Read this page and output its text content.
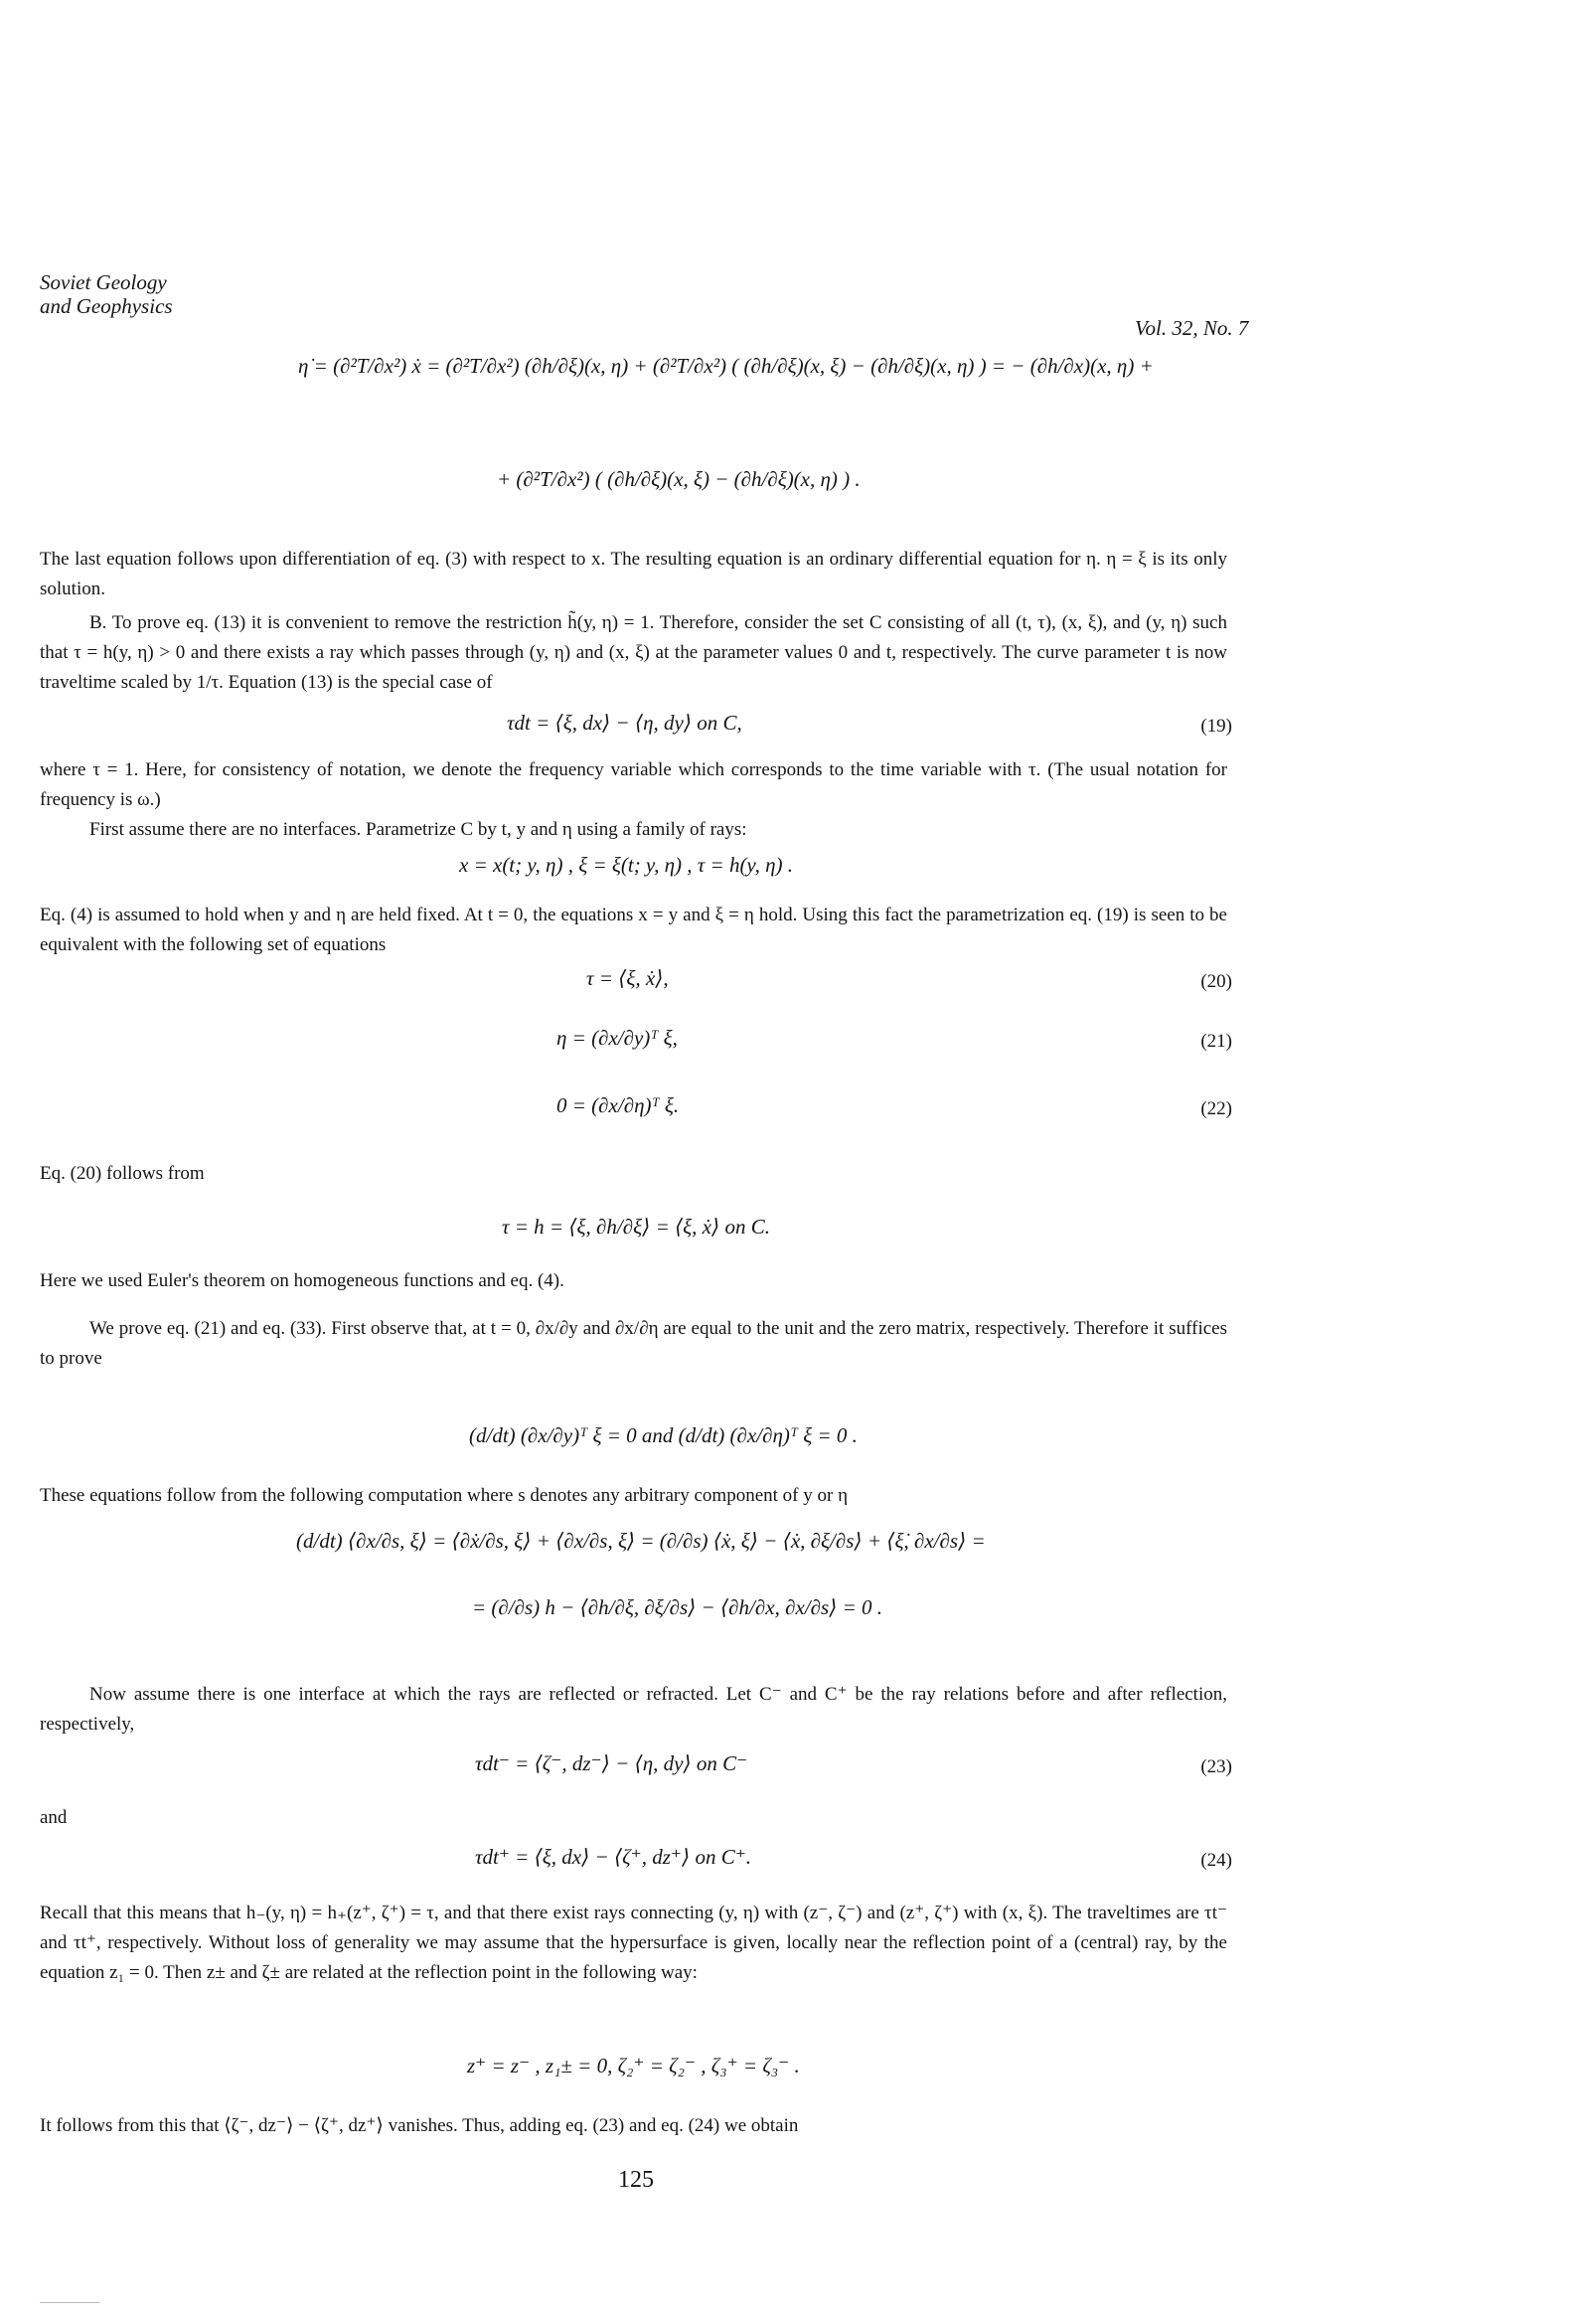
Soviet Geology
and Geophysics
Vol. 32, No. 7
η̇ = (∂²T/∂x²) ẋ = (∂²T/∂x²) (∂h/∂ξ)(x, η) + (∂²T/∂x²) ( (∂h/∂ξ)(x, ξ) − (∂h/∂ξ)(x, η) ) = − (∂h/∂x)(x, η) +
+ (∂²T/∂x²) ( (∂h/∂ξ)(x, ξ) − (∂h/∂ξ)(x, η) ) .
The last equation follows upon differentiation of eq. (3) with respect to x. The resulting equation is an ordinary differential equation for η. η = ξ is its only solution.
B. To prove eq. (13) it is convenient to remove the restriction h̃(y, η) = 1. Therefore, consider the set C consisting of all (t, τ), (x, ξ), and (y, η) such that τ = h(y, η) > 0 and there exists a ray which passes through (y, η) and (x, ξ) at the parameter values 0 and t, respectively. The curve parameter t is now traveltime scaled by 1/τ. Equation (13) is the special case of
τdt = ⟨ξ, dx⟩ − ⟨η, dy⟩ on C,	(19)
where τ = 1. Here, for consistency of notation, we denote the frequency variable which corresponds to the time variable with τ. (The usual notation for frequency is ω.)
First assume there are no interfaces. Parametrize C by t, y and η using a family of rays:
x = x(t; y, η) , ξ = ξ(t; y, η) , τ = h(y, η) .
Eq. (4) is assumed to hold when y and η are held fixed. At t = 0, the equations x = y and ξ = η hold. Using this fact the parametrization eq. (19) is seen to be equivalent with the following set of equations
τ = ⟨ξ, ẋ⟩,	(20)
η = (∂x/∂y)ᵀ ξ,	(21)
0 = (∂x/∂η)ᵀ ξ.	(22)
Eq. (20) follows from
τ = h = ⟨ξ, ∂h/∂ξ⟩ = ⟨ξ, ẋ⟩ on C.
Here we used Euler's theorem on homogeneous functions and eq. (4).
We prove eq. (21) and eq. (33). First observe that, at t = 0, ∂x/∂y and ∂x/∂η are equal to the unit and the zero matrix, respectively. Therefore it suffices to prove
(d/dt) (∂x/∂y)ᵀ ξ = 0 and (d/dt) (∂x/∂η)ᵀ ξ = 0 .
These equations follow from the following computation where s denotes any arbitrary component of y or η
(d/dt) ⟨∂x/∂s, ξ⟩ = ⟨∂ẋ/∂s, ξ⟩ + ⟨∂x/∂s, ξ̇⟩ = (∂/∂s) ⟨ẋ, ξ⟩ − ⟨ẋ, ∂ξ/∂s⟩ + ⟨ξ̇, ∂x/∂s⟩ =
= (∂/∂s) h − ⟨∂h/∂ξ, ∂ξ/∂s⟩ − ⟨∂h/∂x, ∂x/∂s⟩ = 0 .
Now assume there is one interface at which the rays are reflected or refracted. Let C⁻ and C⁺ be the ray relations before and after reflection, respectively,
τdt⁻ = ⟨ζ⁻, dz⁻⟩ − ⟨η, dy⟩ on C⁻	(23)
and
τdt⁺ = ⟨ξ, dx⟩ − ⟨ζ⁺, dz⁺⟩ on C⁺.	(24)
Recall that this means that h₋(y, η) = h₊(z⁺, ζ⁺) = τ, and that there exist rays connecting (y, η) with (z⁻, ζ⁻) and (z⁺, ζ⁺) with (x, ξ). The traveltimes are τt⁻ and τt⁺, respectively. Without loss of generality we may assume that the hypersurface is given, locally near the reflection point of a (central) ray, by the equation z₁ = 0. Then z± and ζ± are related at the reflection point in the following way:
z⁺ = z⁻ , z₁± = 0, ζ₂⁺ = ζ₂⁻ , ζ₃⁺ = ζ₃⁻ .
It follows from this that ⟨ζ⁻, dz⁻⟩ − ⟨ζ⁺, dz⁺⟩ vanishes. Thus, adding eq. (23) and eq. (24) we obtain
125
